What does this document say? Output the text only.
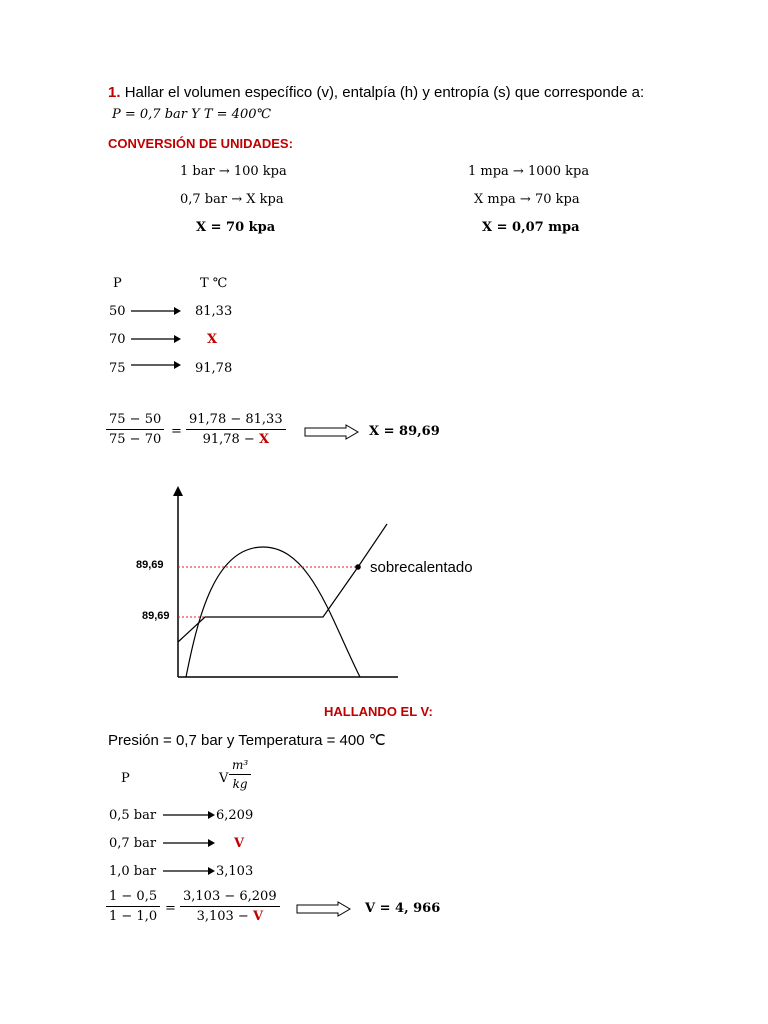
1. Hallar el volumen específico (v), entalpía (h) y entropía (s) que corresponde a:
P = 0,7 bar Y T = 400℃
CONVERSIÓN DE UNIDADES:
1 bar → 100 kpa
0,7 bar → X kpa
X = 70 kpa
1 mpa → 1000 kpa
X mpa → 70 kpa
X = 0,07 mpa
P	T ℃
50	81,33
70	X
75	91,78
$\frac{75 - 50}{75 - 70} = \frac{91,78 - 81,33}{91,78 - X}$	X = 89,69
89,69
89,69
sobrecalentado
HALLANDO EL V:
Presión = 0,7 bar y Temperatura = 400 ℃
P	V $\frac{\text{m³}}{kg}$
0,5 bar	6,209
0,7 bar	V
1,0 bar	3,103
$\frac{1 - 0,5}{1 - 1,0} = \frac{3,103 - 6,209}{3,103 - V}$	V = 4, 966
